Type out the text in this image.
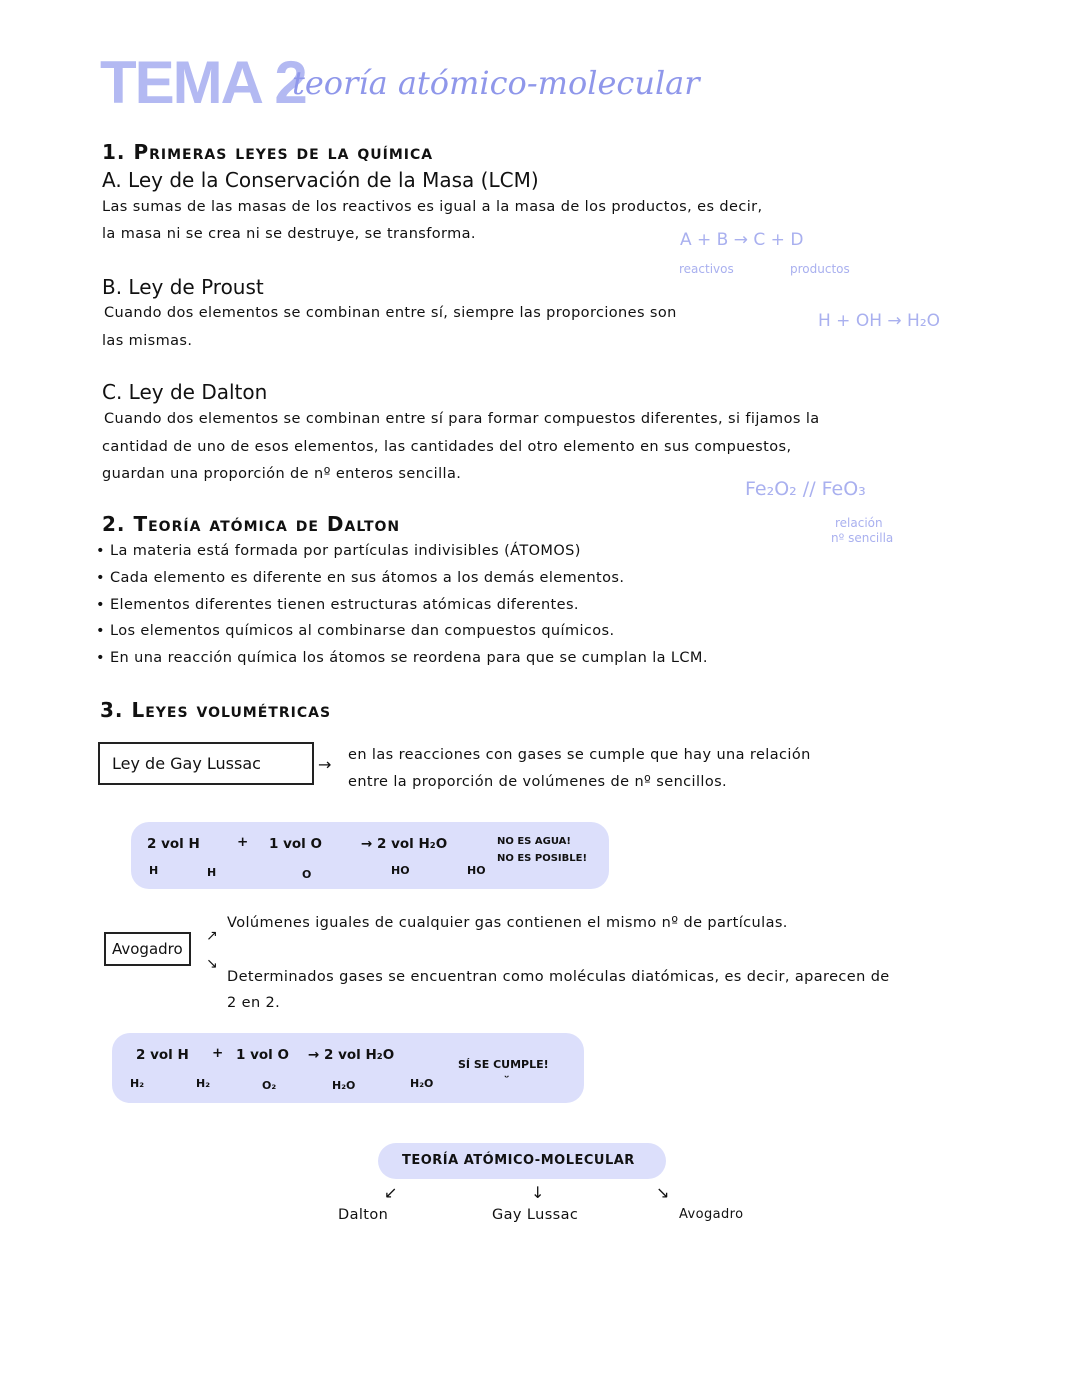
TEMA 2
teoría atómico-molecular
1. Primeras leyes de la química
A. Ley de la Conservación de la Masa (LCM)
Las sumas de las masas de los reactivos es igual a la masa de los productos, es decir,
la masa ni se crea ni se destruye, se transforma.	A + B → C + D
reactivos	productos
B. Ley de Proust
Cuando dos elementos se combinan entre sí, siempre las proporciones son
las mismas.
H + OH → H₂O
C. Ley de Dalton
Cuando dos elementos se combinan entre sí para formar compuestos diferentes, si fijamos la
cantidad de uno de esos elementos, las cantidades del otro elemento en sus compuestos,
guardan una proporción de nº enteros sencilla.
Fe₂O₂ // FeO₃
relación
nº sencilla
2. Teoría atómica de Dalton
• La materia está formada por partículas indivisibles (ÁTOMOS)
• Cada elemento es diferente en sus átomos a los demás elementos.
• Elementos diferentes tienen estructuras atómicas diferentes.
• Los elementos químicos al combinarse dan compuestos químicos.
• En una reacción química los átomos se reordena para que se cumplan la LCM.
3. Leyes volumétricas
Ley de Gay Lussac	→ en las reacciones con gases se cumple que hay una relación
entre la proporción de volúmenes de nº sencillos.
2 vol H	+ 1 vol O	→ 2 vol H₂O
H	H	O	HO	HO
NO ES AGUA!
NO ES POSIBLE!
Avogadro
↗
↘
Volúmenes iguales de cualquier gas contienen el mismo nº de partículas.
Determinados gases se encuentran como moléculas diatómicas, es decir, aparecen de
2 en 2.
2 vol H + 1 vol O → 2 vol H₂O
H₂	H₂	O₂	H₂O	H₂O
SÍ SE CUMPLE!
ᵕ
TEORÍA ATÓMICO-MOLECULAR
↙	↓	↘
Dalton	Gay Lussac	Avogadro
